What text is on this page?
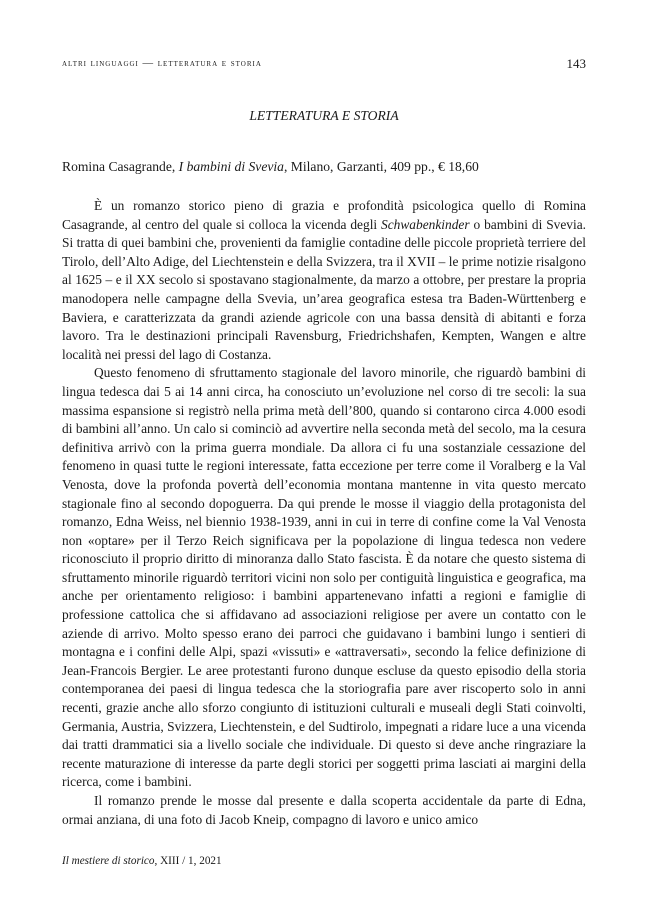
altri linguaggi — letteratura e storia	143
LETTERATURA E STORIA
Romina Casagrande, I bambini di Svevia, Milano, Garzanti, 409 pp., € 18,60

È un romanzo storico pieno di grazia e profondità psicologica quello di Romina Casagrande, al centro del quale si colloca la vicenda degli Schwabenkinder o bambini di Svevia. Si tratta di quei bambini che, provenienti da famiglie contadine delle piccole proprietà terriere del Tirolo, dell’Alto Adige, del Liechtenstein e della Svizzera, tra il XVII – le prime notizie risalgono al 1625 – e il XX secolo si spostavano stagionalmente, da marzo a ottobre, per prestare la propria manodopera nelle campagne della Svevia, un’area geografica estesa tra Baden-Württenberg e Baviera, e caratterizzata da grandi aziende agricole con una bassa densità di abitanti e forza lavoro. Tra le destinazioni principali Ravensburg, Friedrichshafen, Kempten, Wangen e altre località nei pressi del lago di Costanza.

Questo fenomeno di sfruttamento stagionale del lavoro minorile, che riguardò bambini di lingua tedesca dai 5 ai 14 anni circa, ha conosciuto un’evoluzione nel corso di tre secoli: la sua massima espansione si registrò nella prima metà dell’800, quando si contarono circa 4.000 esodi di bambini all’anno. Un calo si cominciò ad avvertire nella seconda metà del secolo, ma la cesura definitiva arrivò con la prima guerra mondiale. Da allora ci fu una sostanziale cessazione del fenomeno in quasi tutte le regioni interessate, fatta eccezione per terre come il Voralberg e la Val Venosta, dove la profonda povertà dell’economia montana mantenne in vita questo mercato stagionale fino al secondo dopoguerra. Da qui prende le mosse il viaggio della protagonista del romanzo, Edna Weiss, nel biennio 1938-1939, anni in cui in terre di confine come la Val Venosta non «optare» per il Terzo Reich significava per la popolazione di lingua tedesca non vedere riconosciuto il proprio diritto di minoranza dallo Stato fascista. È da notare che questo sistema di sfruttamento minorile riguardò territori vicini non solo per contiguità linguistica e geografica, ma anche per orientamento religioso: i bambini appartenevano infatti a regioni e famiglie di professione cattolica che si affidavano ad associazioni religiose per avere un contatto con le aziende di arrivo. Molto spesso erano dei parroci che guidavano i bambini lungo i sentieri di montagna e i confini delle Alpi, spazi «vissuti» e «attraversati», secondo la felice definizione di Jean-Francois Bergier. Le aree protestanti furono dunque escluse da questo episodio della storia contemporanea dei paesi di lingua tedesca che la storiografia pare aver riscoperto solo in anni recenti, grazie anche allo sforzo congiunto di istituzioni culturali e museali degli Stati coinvolti, Germania, Austria, Svizzera, Liechtenstein, e del Sudtirolo, impegnati a ridare luce a una vicenda dai tratti drammatici sia a livello sociale che individuale. Di questo si deve anche ringraziare la recente maturazione di interesse da parte degli storici per soggetti prima lasciati ai margini della ricerca, come i bambini.

Il romanzo prende le mosse dal presente e dalla scoperta accidentale da parte di Edna, ormai anziana, di una foto di Jacob Kneip, compagno di lavoro e unico amico

Il mestiere di storico, XIII / 1, 2021
